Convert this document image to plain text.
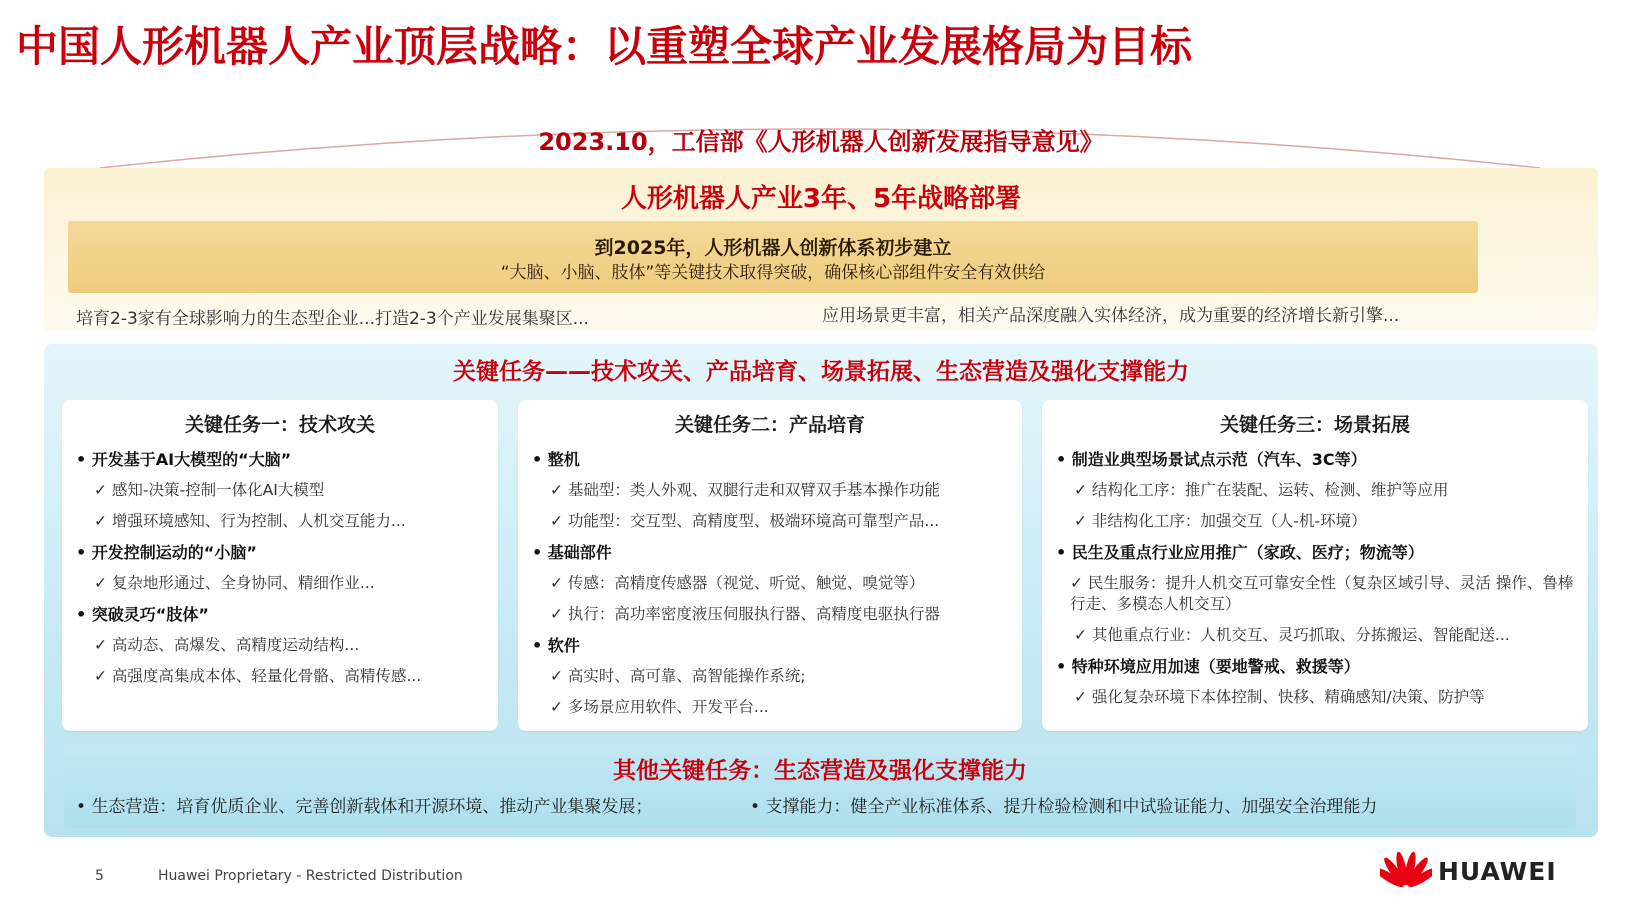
中国人形机器人产业顶层战略：以重塑全球产业发展格局为目标
2023.10，工信部《人形机器人创新发展指导意见》
人形机器人产业3年、5年战略部署
到2025年，人形机器人创新体系初步建立
“大脑、小脑、肢体”等关键技术取得突破，确保核心部组件安全有效供给
培育2-3家有全球影响力的生态型企业...打造2-3个产业发展集聚区...	应用场景更丰富，相关产品深度融入实体经济，成为重要的经济增长新引擎...
关键任务——技术攻关、产品培育、场景拓展、生态营造及强化支撑能力
关键任务一：技术攻关
• 开发基于AI大模型的“大脑”
✓ 感知-决策-控制一体化AI大模型
✓ 增强环境感知、行为控制、人机交互能力...
• 开发控制运动的“小脑”
✓ 复杂地形通过、全身协同、精细作业...
• 突破灵巧“肢体”
✓ 高动态、高爆发、高精度运动结构...
✓ 高强度高集成本体、轻量化骨骼、高精传感...
关键任务二：产品培育
• 整机
✓ 基础型：类人外观、双腿行走和双臂双手基本操作功能
✓ 功能型：交互型、高精度型、极端环境高可靠型产品...
• 基础部件
✓ 传感：高精度传感器（视觉、听觉、触觉、嗅觉等）
✓ 执行：高功率密度液压伺服执行器、高精度电驱执行器
• 软件
✓ 高实时、高可靠、高智能操作系统;
✓ 多场景应用软件、开发平台...
关键任务三：场景拓展
• 制造业典型场景试点示范（汽车、3C等）
✓ 结构化工序：推广在装配、运转、检测、维护等应用
✓ 非结构化工序：加强交互（人-机-环境）
• 民生及重点行业应用推广（家政、医疗；物流等）
✓ 民生服务：提升人机交互可靠安全性（复杂区域引导、灵活 操作、鲁棒行走、多模态人机交互）
✓ 其他重点行业：人机交互、灵巧抓取、分拣搬运、智能配送...
• 特种环境应用加速（要地警戒、救援等）
✓ 强化复杂环境下本体控制、快移、精确感知/决策、防护等
其他关键任务：生态营造及强化支撑能力
• 生态营造：培育优质企业、完善创新载体和开源环境、推动产业集聚发展；
•	支撑能力：健全产业标准体系、提升检验检测和中试验证能力、加强安全治理能力
5	Huawei Proprietary - Restricted Distribution	HUAWEI
